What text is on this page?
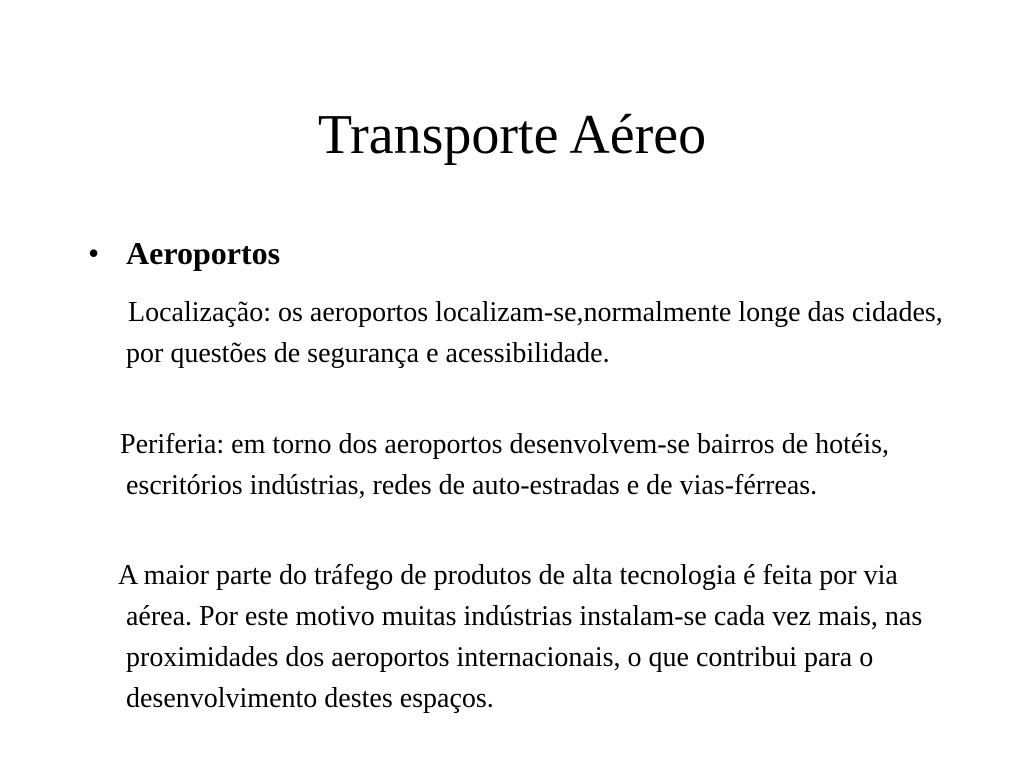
Transporte Aéreo
• Aeroportos

Localização: os aeroportos localizam-se,normalmente longe das cidades, por questões de segurança e acessibilidade.

Periferia: em torno dos aeroportos desenvolvem-se bairros de hotéis, escritórios indústrias, redes de auto-estradas e de vias-férreas.

A maior parte do tráfego de produtos de alta tecnologia é feita por via aérea. Por este motivo muitas indústrias instalam-se cada vez mais, nas proximidades dos aeroportos internacionais, o que contribui para o desenvolvimento destes espaços.
